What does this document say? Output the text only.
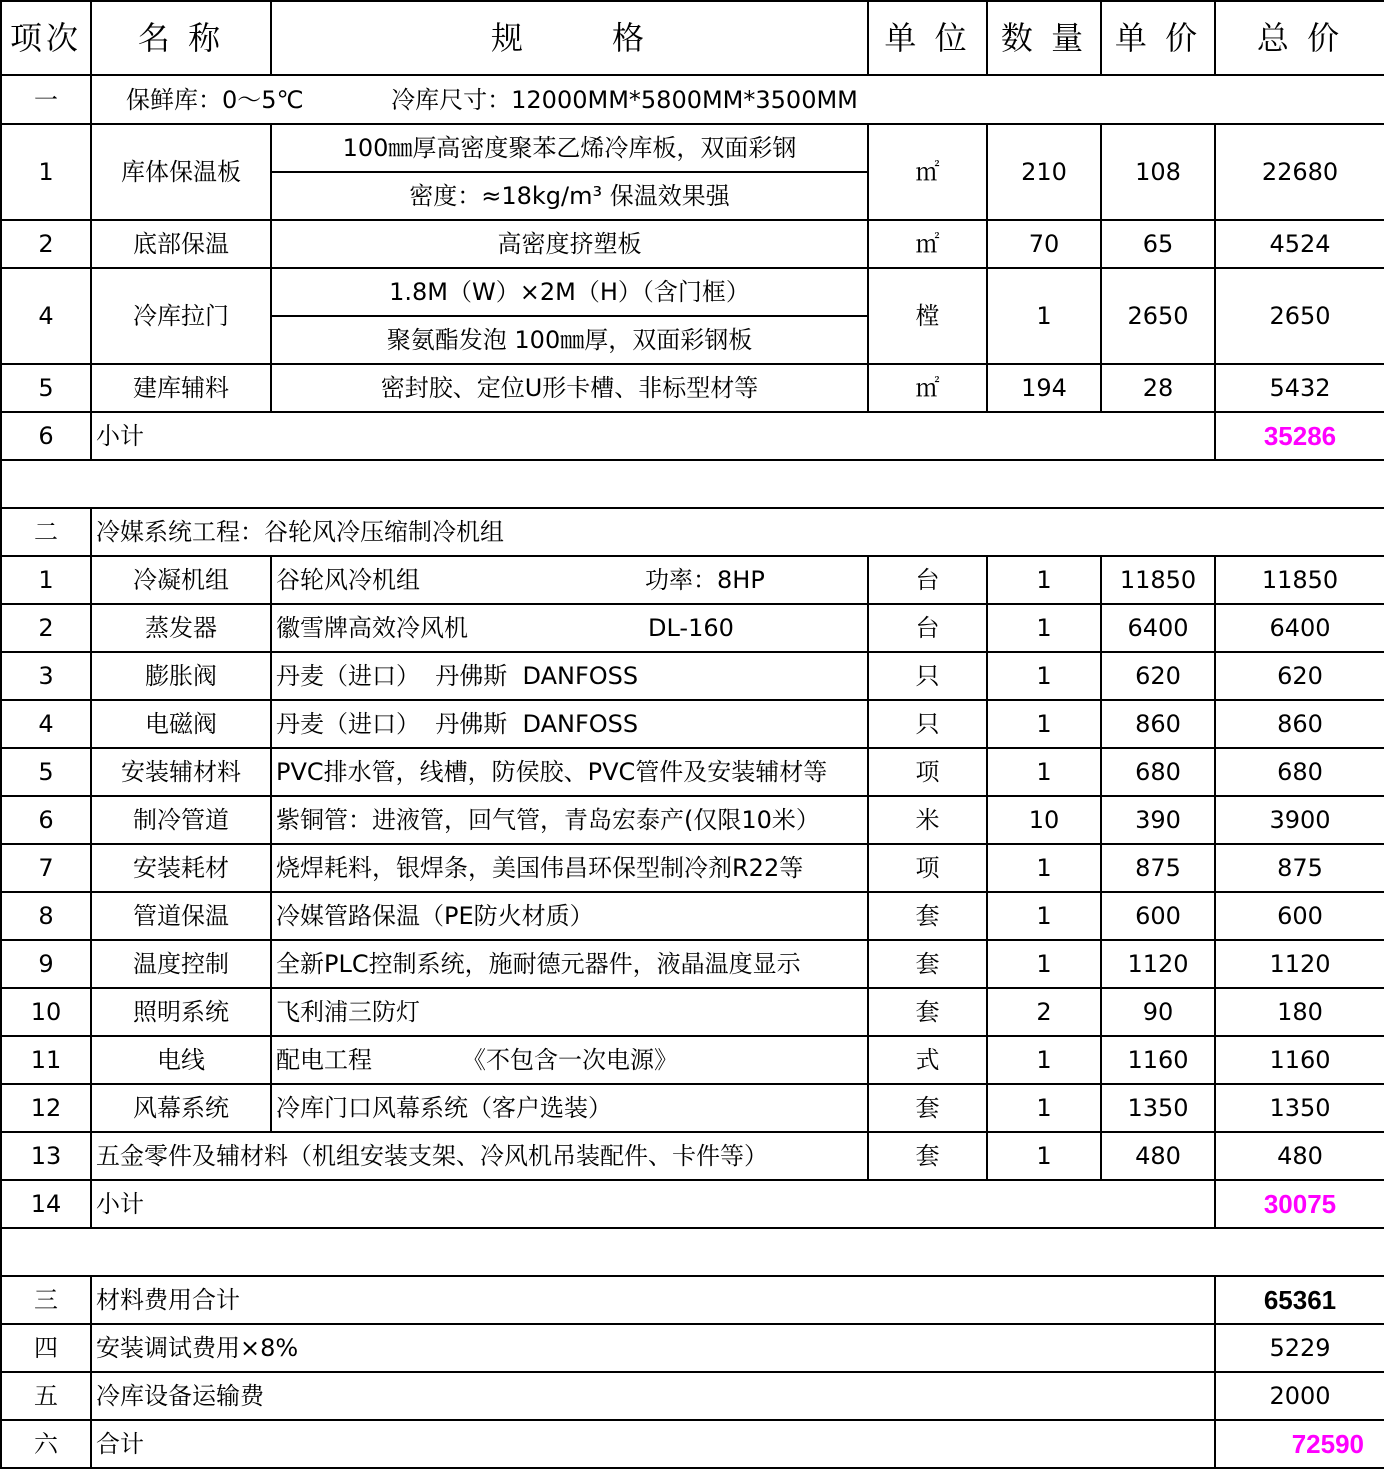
项次	名 称	规      格	单 位	数 量	单 价	总 价
一	保鲜库：0～5℃ 冷库尺寸：12000MM*5800MM*3500MM					
1	库体保温板	100㎜厚高密度聚苯乙烯冷库板，双面彩钢	㎡	210	108	22680
		密度：≈18kg/m³ 保温效果强				
2	底部保温	高密度挤塑板	㎡	70	65	4524
4	冷库拉门	1.8M（W）×2M（H）（含门框）	樘	1	2650	2650
		聚氨酯发泡 100㎜厚，双面彩钢板				
5	建库辅料	密封胶、定位U形卡槽、非标型材等	㎡	194	28	5432
6	小计					35286

二	冷媒系统工程：谷轮风冷压缩制冷机组					
1	冷凝机组	谷轮风冷机组 功率：8HP	台	1	11850	11850
2	蒸发器	徽雪牌高效冷风机 DL-160	台	1	6400	6400
3	膨胀阀	丹麦（进口）  丹佛斯  DANFOSS	只	1	620	620
4	电磁阀	丹麦（进口）  丹佛斯  DANFOSS	只	1	860	860
5	安装辅材料	PVC排水管，线槽，防侯胶、PVC管件及安装辅材等	项	1	680	680
6	制冷管道	紫铜管：进液管，回气管，青岛宏泰产(仅限10米）	米	10	390	3900
7	安装耗材	烧焊耗料，银焊条，美国伟昌环保型制冷剂R22等	项	1	875	875
8	管道保温	冷媒管路保温（PE防火材质）	套	1	600	600
9	温度控制	全新PLC控制系统，施耐德元器件，液晶温度显示	套	1	1120	1120
10	照明系统	飞利浦三防灯	套	2	90	180
11	电线	配电工程 《不包含一次电源》	式	1	1160	1160
12	风幕系统	冷库门口风幕系统（客户选装）	套	1	1350	1350
13	五金零件及辅材料（机组安装支架、冷风机吊装配件、卡件等）		套	1	480	480
14	小计					30075

三	材料费用合计					65361
四	安装调试费用×8%					5229
五	冷库设备运输费					2000
六	合计					72590
